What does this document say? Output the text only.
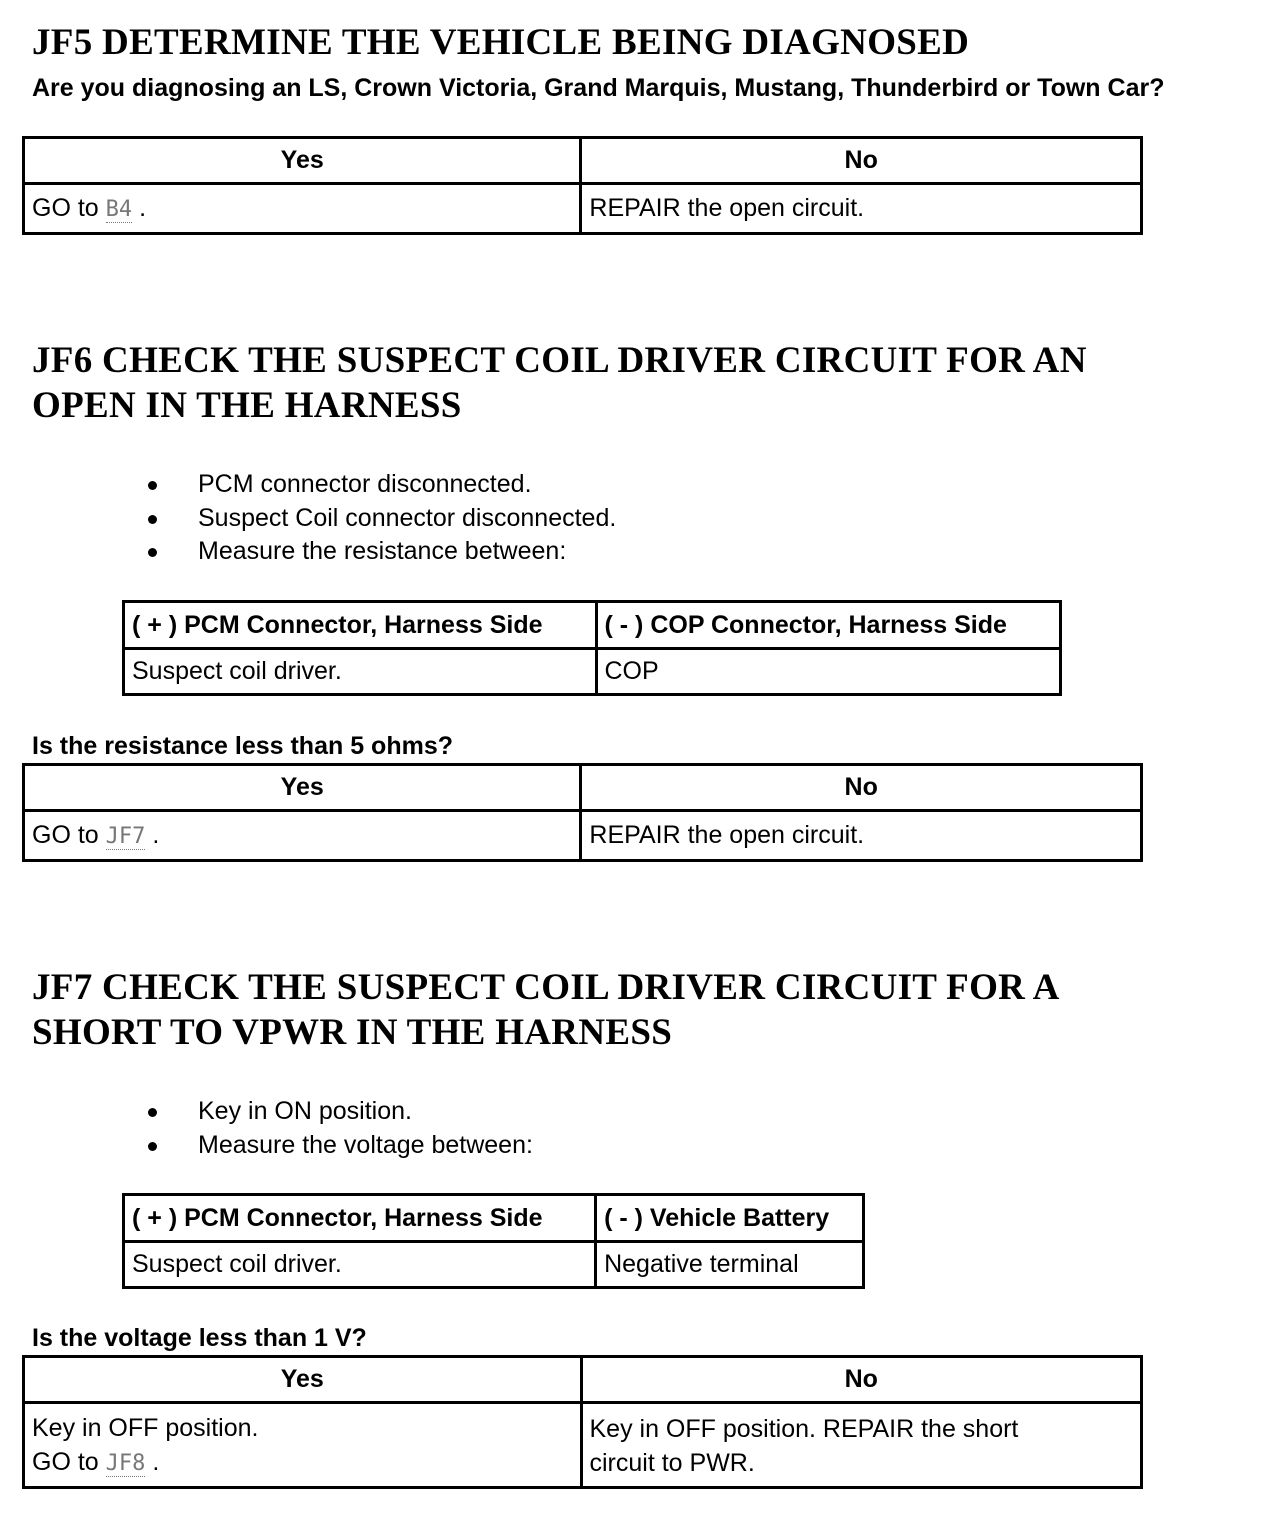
JF5 DETERMINE THE VEHICLE BEING DIAGNOSED

Are you diagnosing an LS, Crown Victoria, Grand Marquis, Mustang, Thunderbird or Town Car?

Yes	No
GO to B4 .	REPAIR the open circuit.
JF6 CHECK THE SUSPECT COIL DRIVER CIRCUIT FOR AN
OPEN IN THE HARNESS
PCM connector disconnected.
Suspect Coil connector disconnected.
Measure the resistance between:
( + ) PCM Connector, Harness Side	( - ) COP Connector, Harness Side
Suspect coil driver.	COP

Is the resistance less than 5 ohms?

Yes	No
GO to JF7 .	REPAIR the open circuit.
JF7 CHECK THE SUSPECT COIL DRIVER CIRCUIT FOR A
SHORT TO VPWR IN THE HARNESS
Key in ON position.
Measure the voltage between:
( + ) PCM Connector, Harness Side	( - ) Vehicle Battery
Suspect coil driver.	Negative terminal

Is the voltage less than 1 V?

Yes	No
Key in OFF position.
GO to JF8 .	Key in OFF position. REPAIR the short
circuit to PWR.
